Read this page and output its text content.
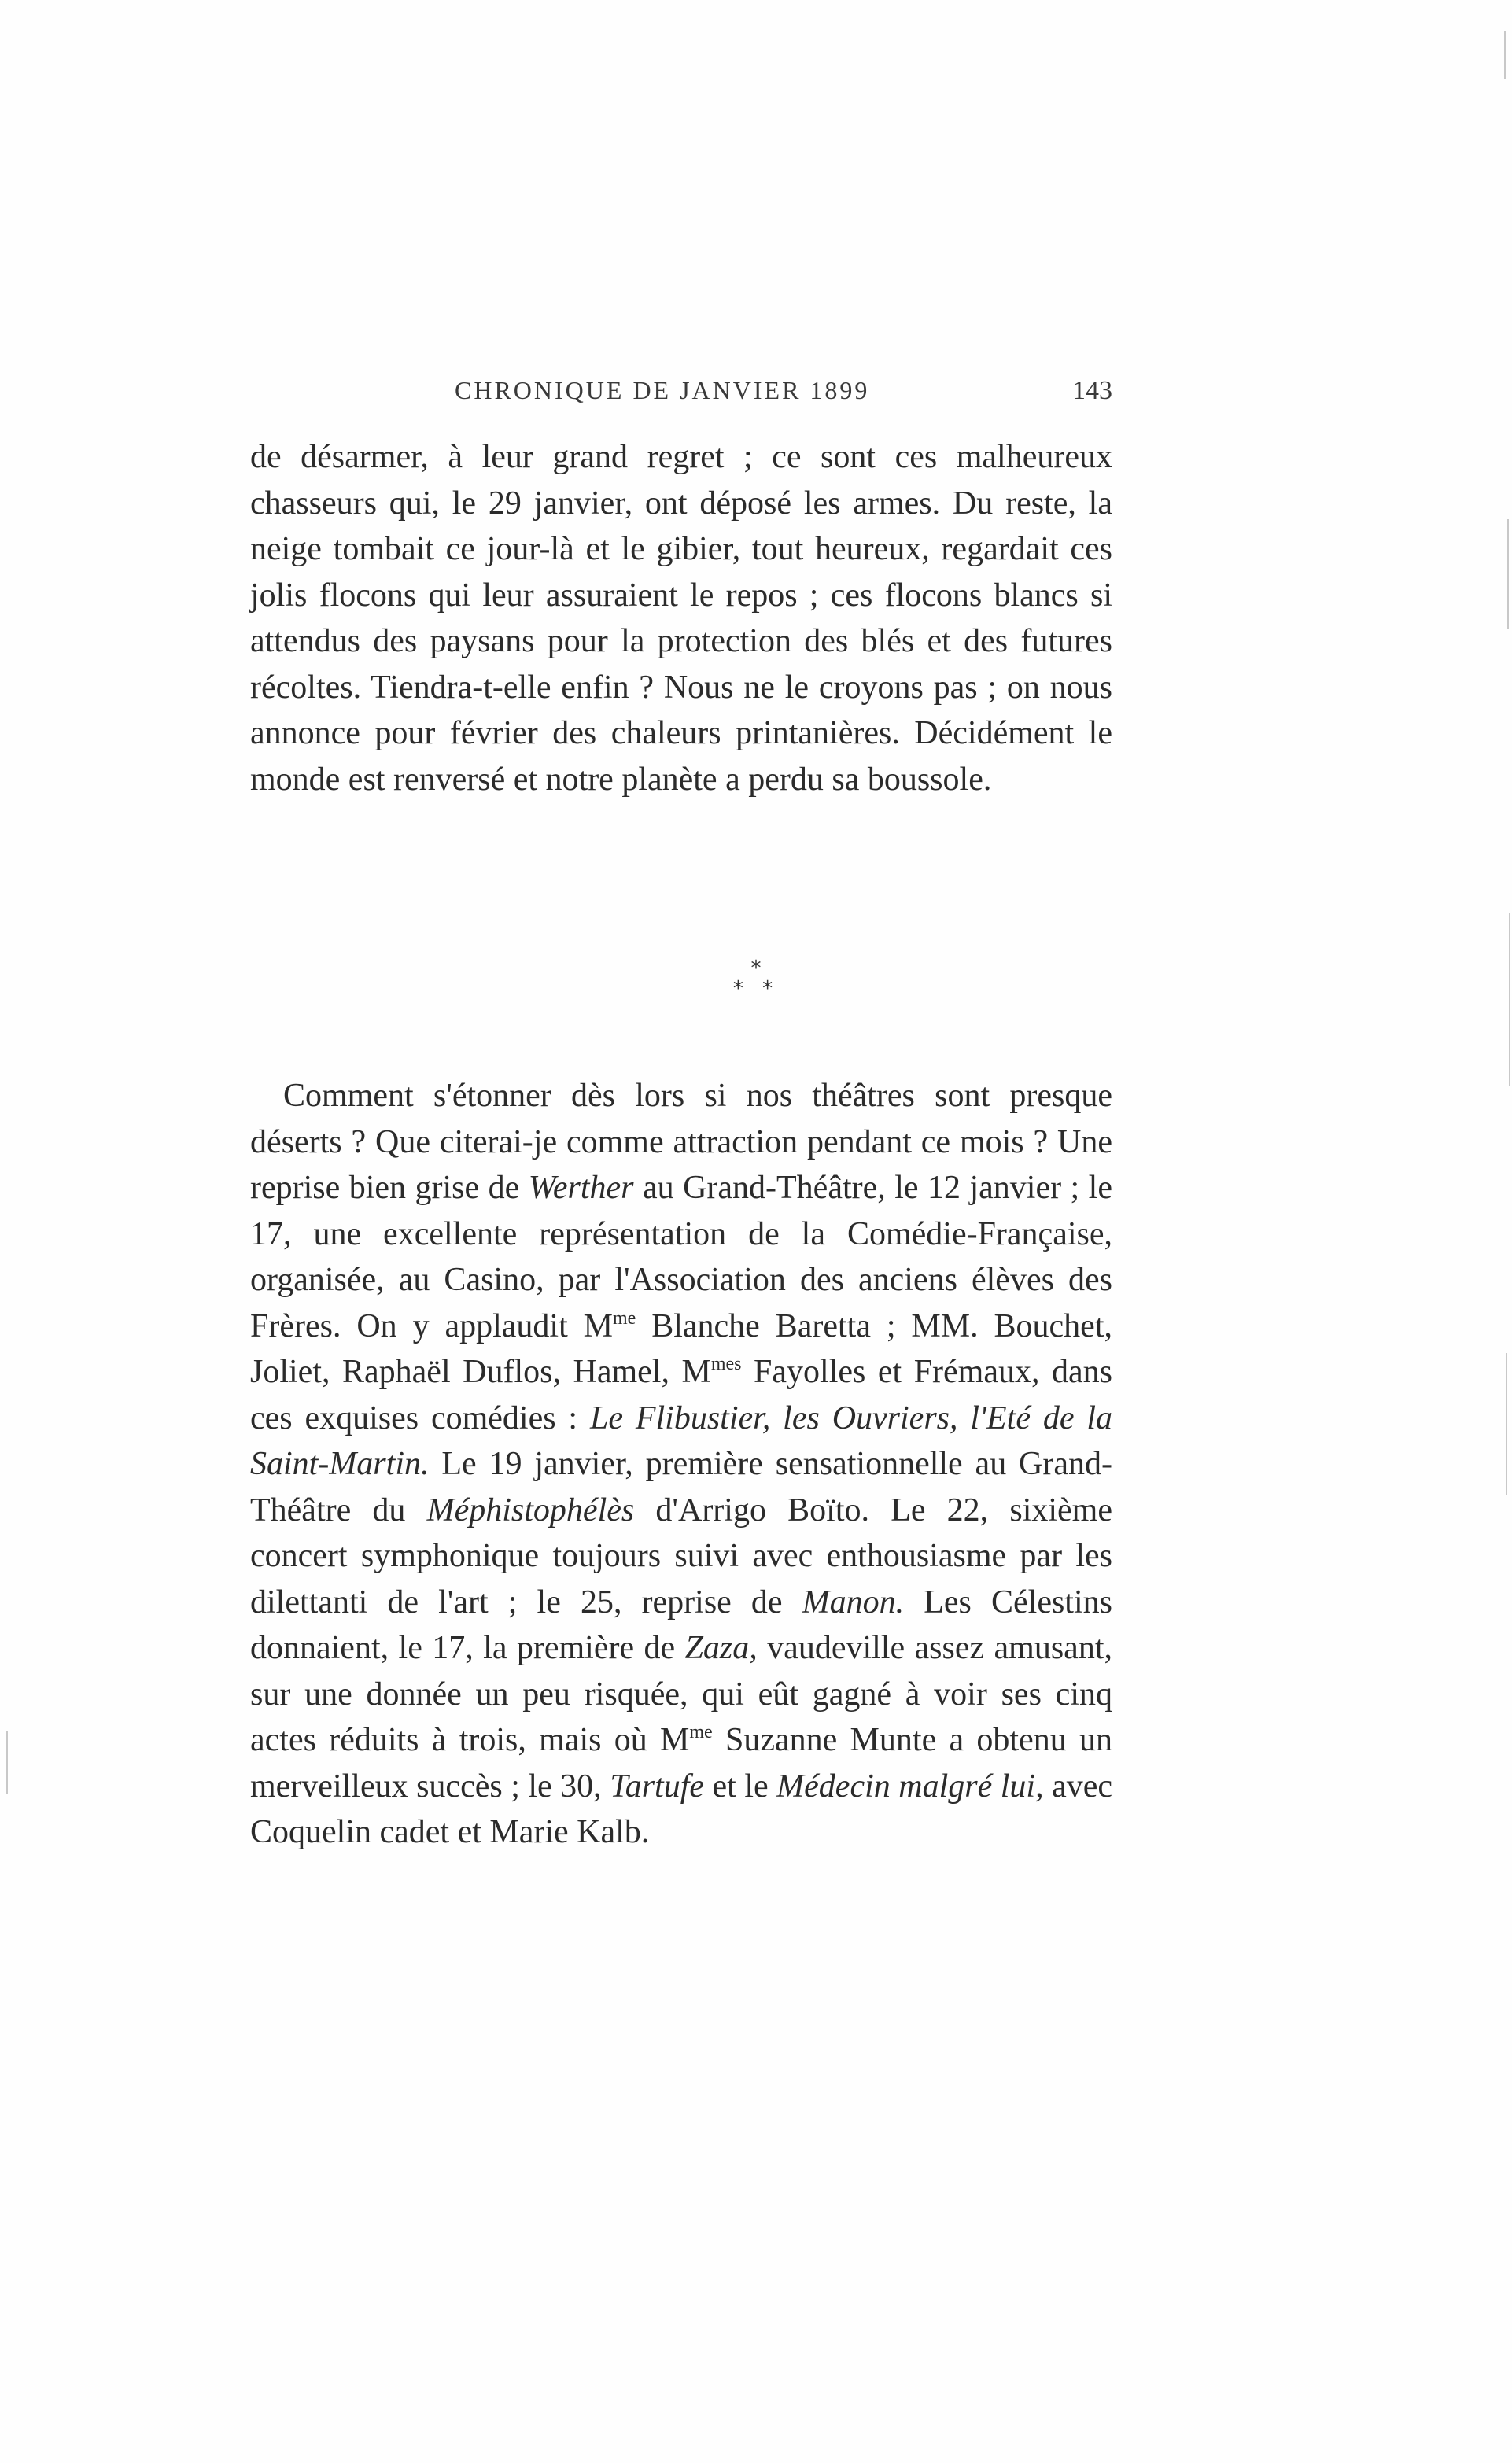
CHRONIQUE DE JANVIER 1899	143

de désarmer, à leur grand regret ; ce sont ces malheureux chasseurs qui, le 29 janvier, ont déposé les armes. Du reste, la neige tombait ce jour-là et le gibier, tout heureux, regardait ces jolis flocons qui leur assuraient le repos ; ces flocons blancs si attendus des paysans pour la protection des blés et des futures récoltes. Tiendra-t-elle enfin ? Nous ne le croyons pas ; on nous annonce pour février des chaleurs printanières. Décidément le monde est renversé et notre planète a perdu sa boussole.

*
* *

Comment s'étonner dès lors si nos théâtres sont presque déserts ? Que citerai-je comme attraction pendant ce mois ? Une reprise bien grise de Werther au Grand-Théâtre, le 12 janvier ; le 17, une excellente représentation de la Comédie-Française, organisée, au Casino, par l'Association des anciens élèves des Frères. On y applaudit $M^{me}$ Blanche Baretta ; MM. Bouchet, Joliet, Raphaël Duflos, Hamel, $M^{mes}$ Fayolles et Frémaux, dans ces exquises comédies : Le Flibustier, les Ouvriers, l'Eté de la Saint-Martin. Le 19 janvier, première sensationnelle au Grand-Théâtre du Méphistophélès d'Arrigo Boïto. Le 22, sixième concert symphonique toujours suivi avec enthousiasme par les dilettanti de l'art ; le 25, reprise de Manon. Les Célestins donnaient, le 17, la première de Zaza, vaudeville assez amusant, sur une donnée un peu risquée, qui eût gagné à voir ses cinq actes réduits à trois, mais où $M^{me}$ Suzanne Munte a obtenu un merveilleux succès ; le 30, Tartufe et le Médecin malgré lui, avec Coquelin cadet et Marie Kalb.
